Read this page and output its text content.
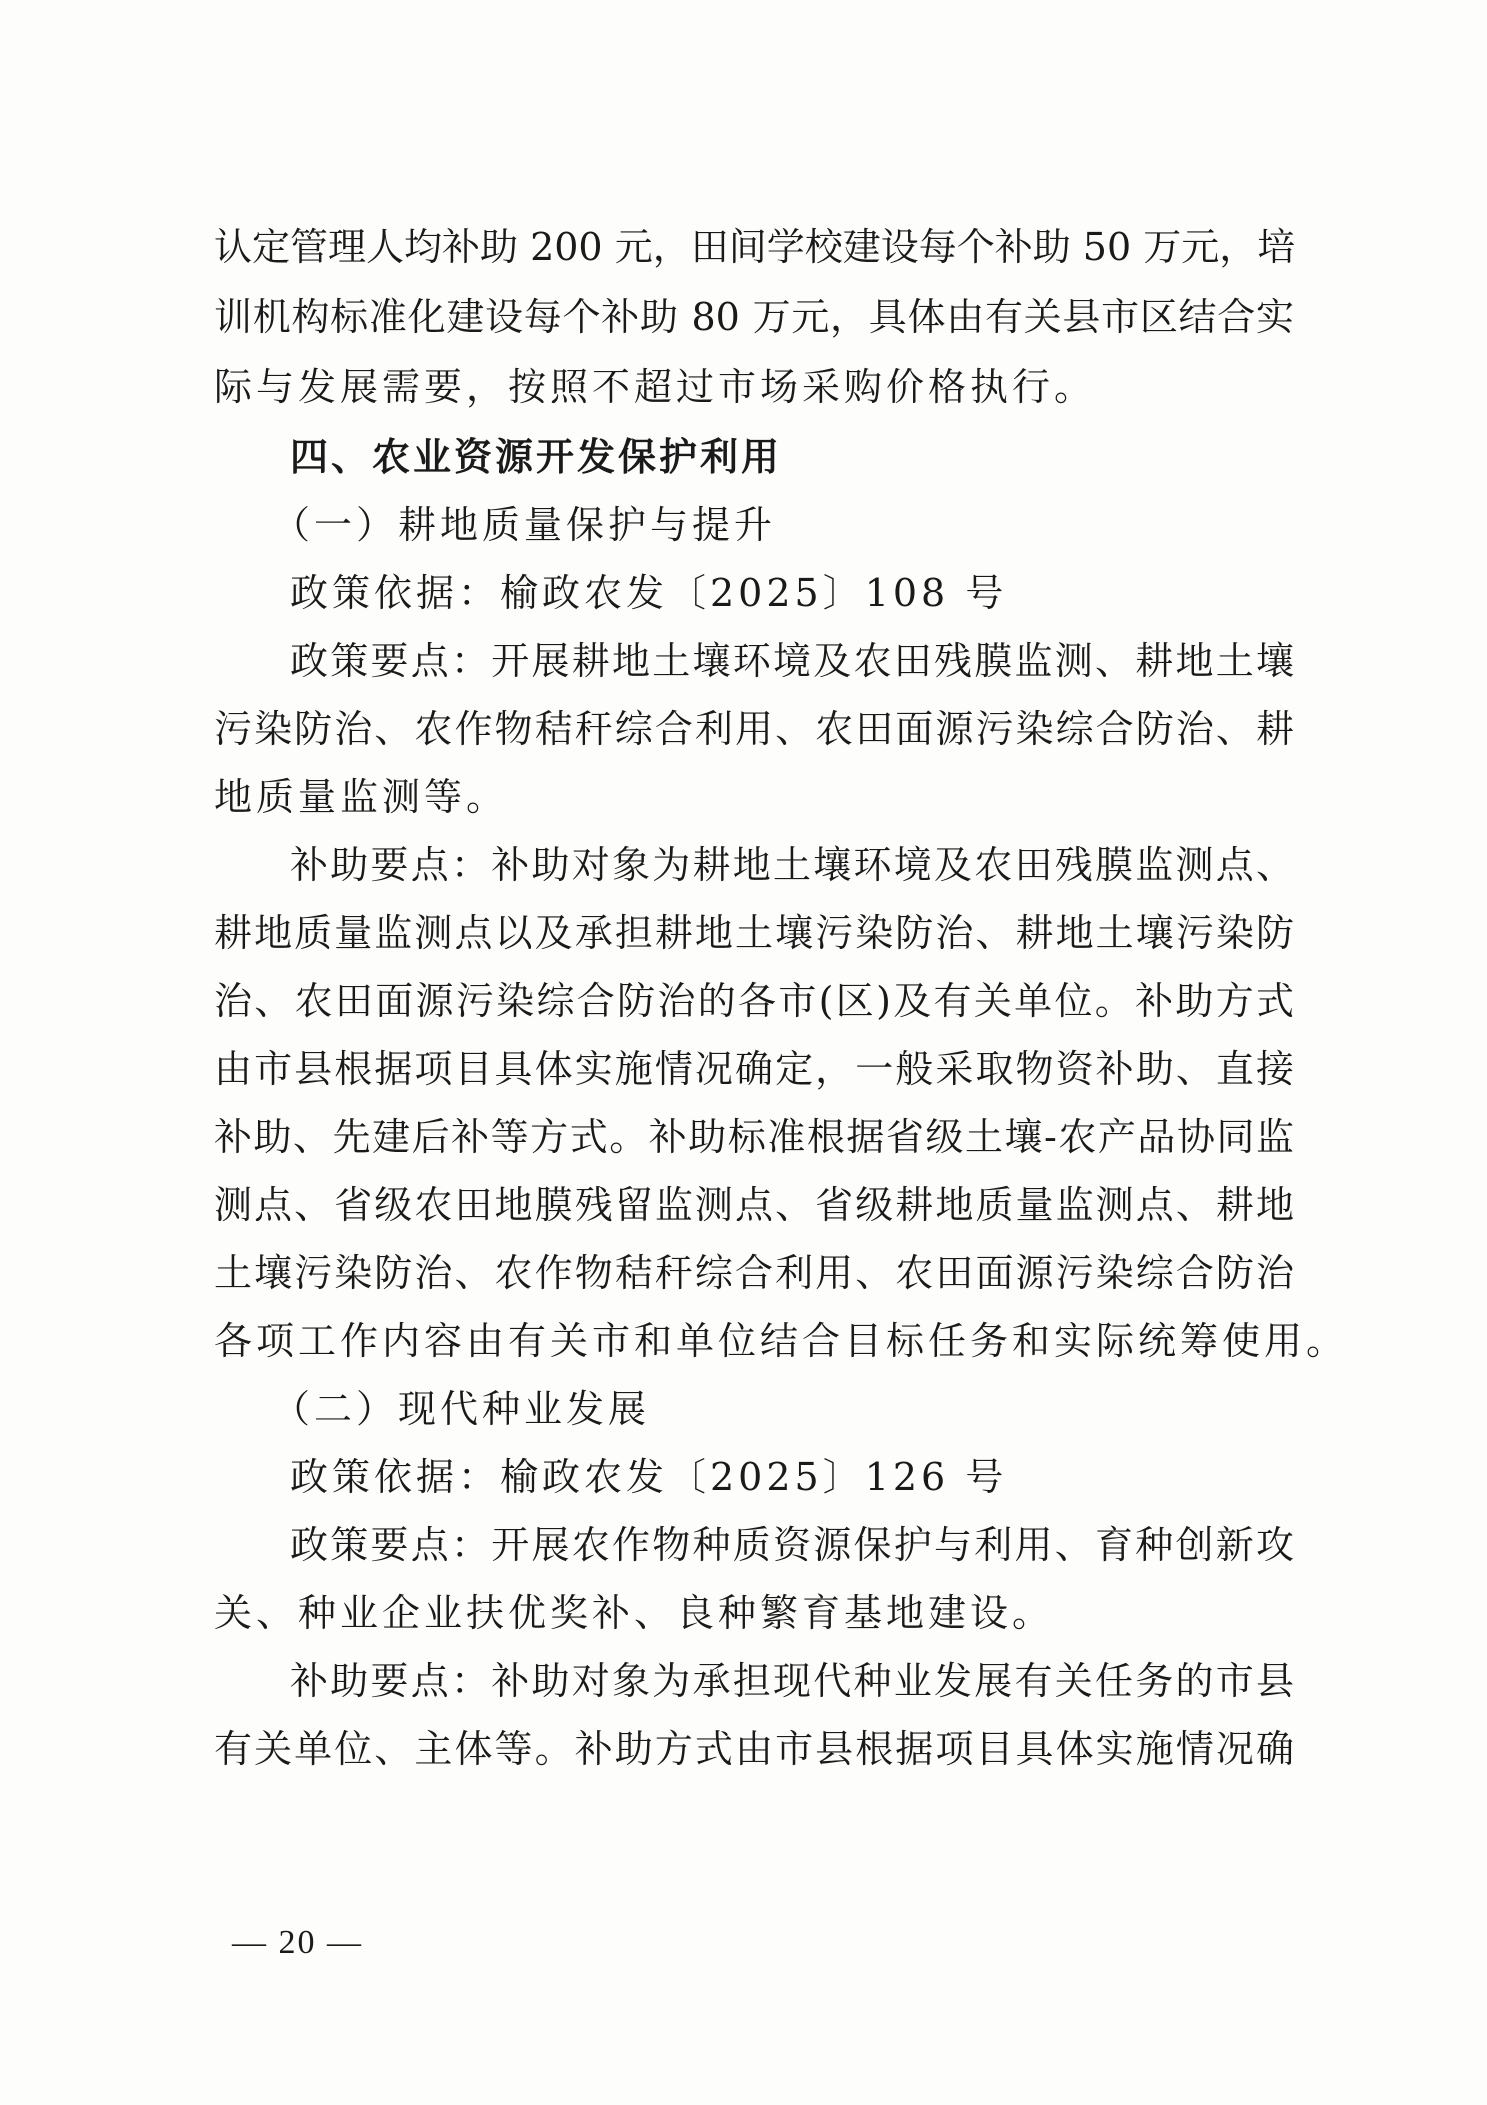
认定管理人均补助 200 元，田间学校建设每个补助 50 万元，培
训机构标准化建设每个补助 80 万元，具体由有关县市区结合实
际与发展需要，按照不超过市场采购价格执行。
四、农业资源开发保护利用
（一）耕地质量保护与提升
政策依据：榆政农发〔2025〕108 号
政策要点：开展耕地土壤环境及农田残膜监测、耕地土壤
污染防治、农作物秸秆综合利用、农田面源污染综合防治、耕
地质量监测等。
补助要点：补助对象为耕地土壤环境及农田残膜监测点、
耕地质量监测点以及承担耕地土壤污染防治、耕地土壤污染防
治、农田面源污染综合防治的各市(区)及有关单位。补助方式
由市县根据项目具体实施情况确定，一般采取物资补助、直接
补助、先建后补等方式。补助标准根据省级土壤-农产品协同监
测点、省级农田地膜残留监测点、省级耕地质量监测点、耕地
土壤污染防治、农作物秸秆综合利用、农田面源污染综合防治
各项工作内容由有关市和单位结合目标任务和实际统筹使用。
（二）现代种业发展
政策依据：榆政农发〔2025〕126 号
政策要点：开展农作物种质资源保护与利用、育种创新攻
关、种业企业扶优奖补、良种繁育基地建设。
补助要点：补助对象为承担现代种业发展有关任务的市县
有关单位、主体等。补助方式由市县根据项目具体实施情况确
— 20 —
